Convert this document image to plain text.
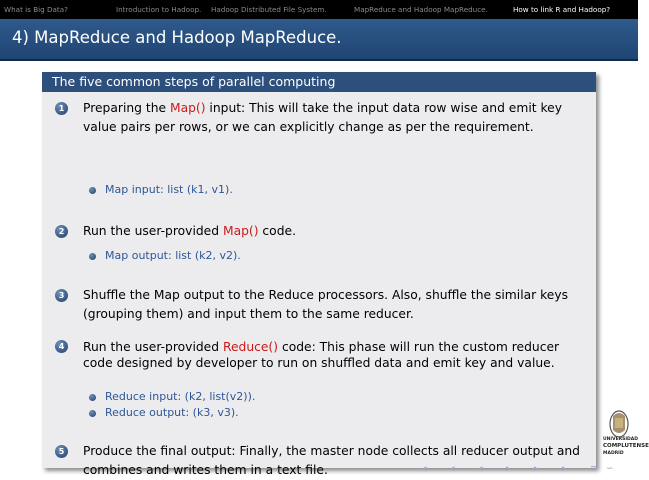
What is Big Data?	Introduction to Hadoop. Hadoop Distributed File System.	MapReduce and Hadoop MapReduce.	How to link R and Hadoop?
4) MapReduce and Hadoop MapReduce.
The five common steps of parallel computing
1	Preparing the Map() input: This will take the input data row wise and emit key value pairs per rows, or we can explicitly change as per the requirement.
Map input: list (k1, v1).
2	Run the user-provided Map() code.
Map output: list (k2, v2).
3	Shuffle the Map output to the Reduce processors. Also, shuffle the similar keys (grouping them) and input them to the same reducer.
4	Run the user-provided Reduce() code: This phase will run the custom reducer code designed by developer to run on shuffled data and emit key and value.
Reduce input: (k2, list(v2)).
Reduce output: (k3, v3).
5	Produce the final output: Finally, the master node collects all reducer output and combines and writes them in a text file.
UNIVERSIDAD
COMPLUTENSE
MADRID
◂	◂	◂	▸	▸	▸	≡ ∽
